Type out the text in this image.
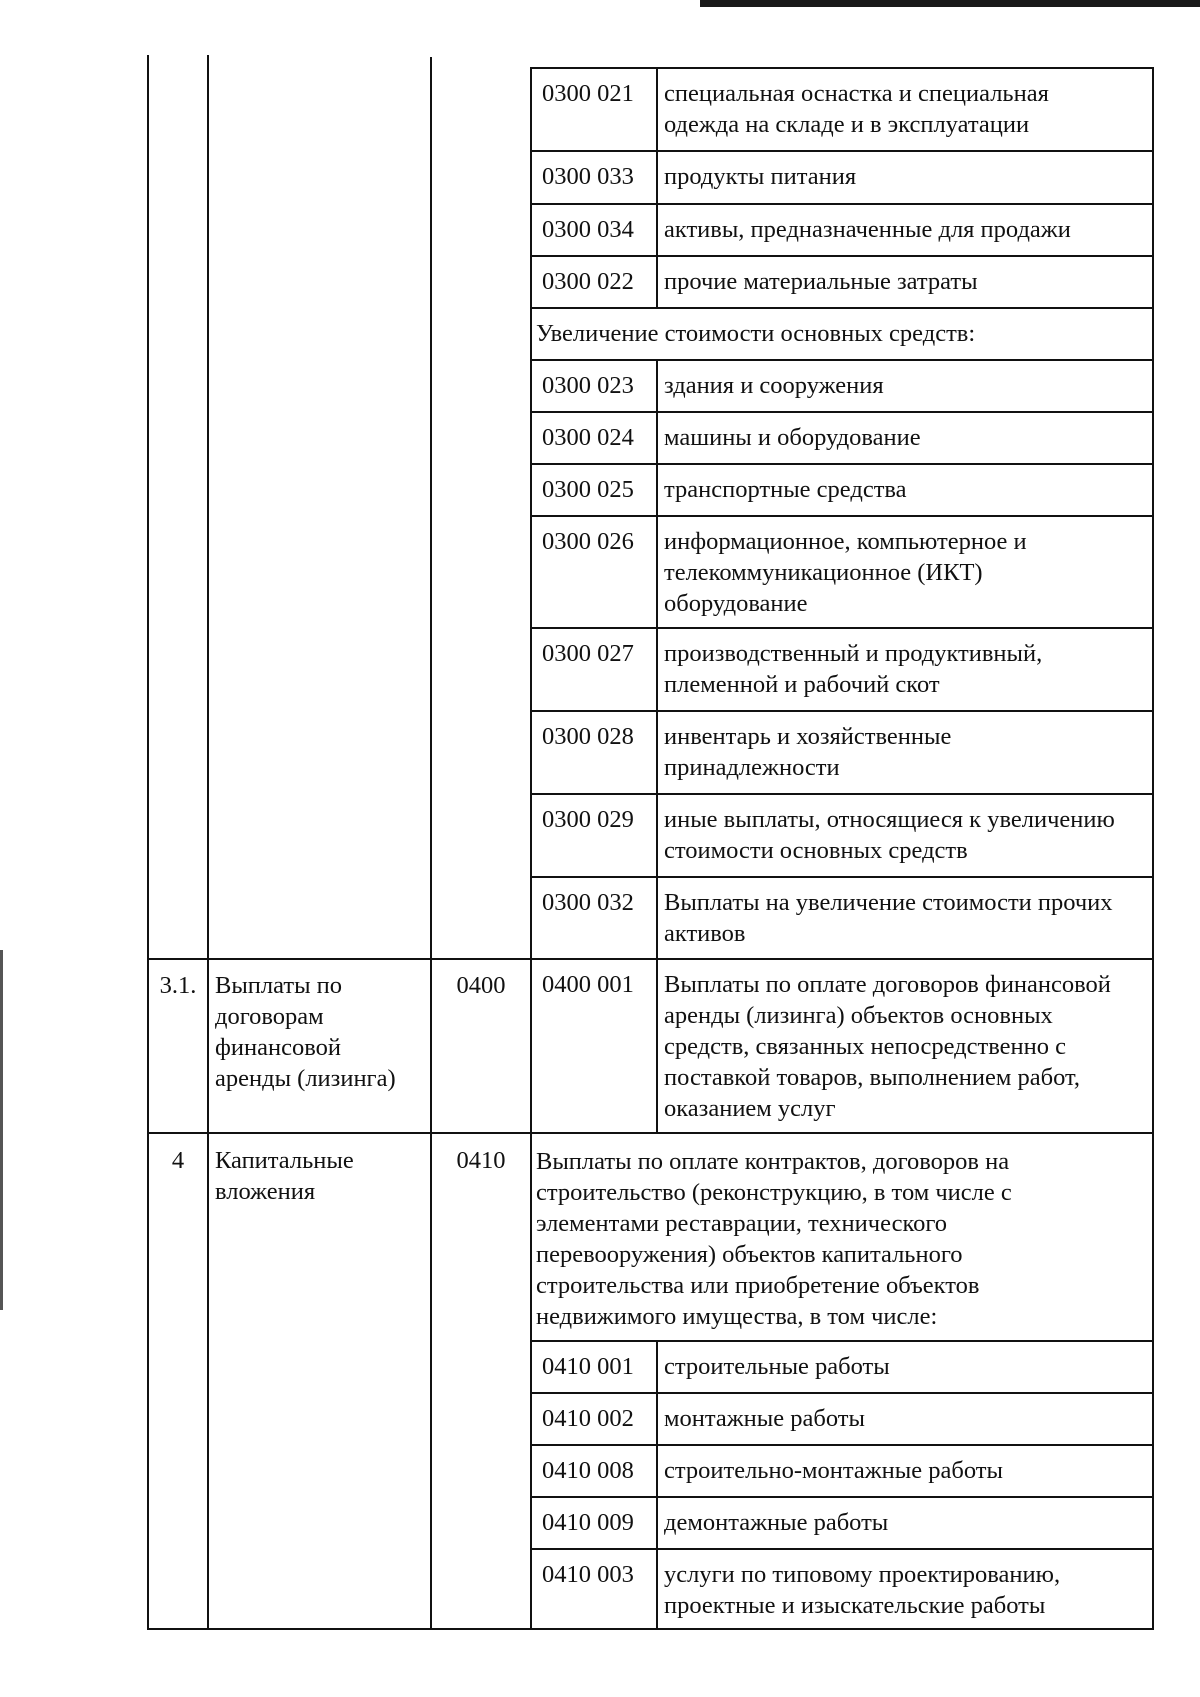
0300 021 специальная оснастка и специальная
одежда на складе и в эксплуатации
0300 033 продукты питания
0300 034 активы, предназначенные для продажи
0300 022 прочие материальные затраты
0300 023 здания и сооружения
0300 024 машины и оборудование
0300 025 транспортные средства
0300 026 информационное, компьютерное и
телекоммуникационное (ИКТ)
оборудование
0300 027 производственный и продуктивный,
племенной и рабочий скот
0300 028 инвентарь и хозяйственные
принадлежности
0300 029 иные выплаты, относящиеся к увеличению
стоимости основных средств
0300 032 Выплаты на увеличение стоимости прочих
активов
0400 001 Выплаты по оплате договоров финансовой
аренды (лизинга) объектов основных
средств, связанных непосредственно с
поставкой товаров, выполнением работ,
оказанием услуг
0410 001 строительные работы
0410 002 монтажные работы
0410 008 строительно-монтажные работы
0410 009 демонтажные работы
0410 003 услуги по типовому проектированию,
проектные и изыскательские работы
Увеличение стоимости основных средств:
Выплаты по оплате контрактов, договоров на
строительство (реконструкцию, в том числе с
элементами реставрации, технического
перевооружения) объектов капитального
строительства или приобретение объектов
недвижимого имущества, в том числе:
3.1. Выплаты по
договорам
финансовой
аренды (лизинга)
0400
4	Капитальные
вложения
0410
